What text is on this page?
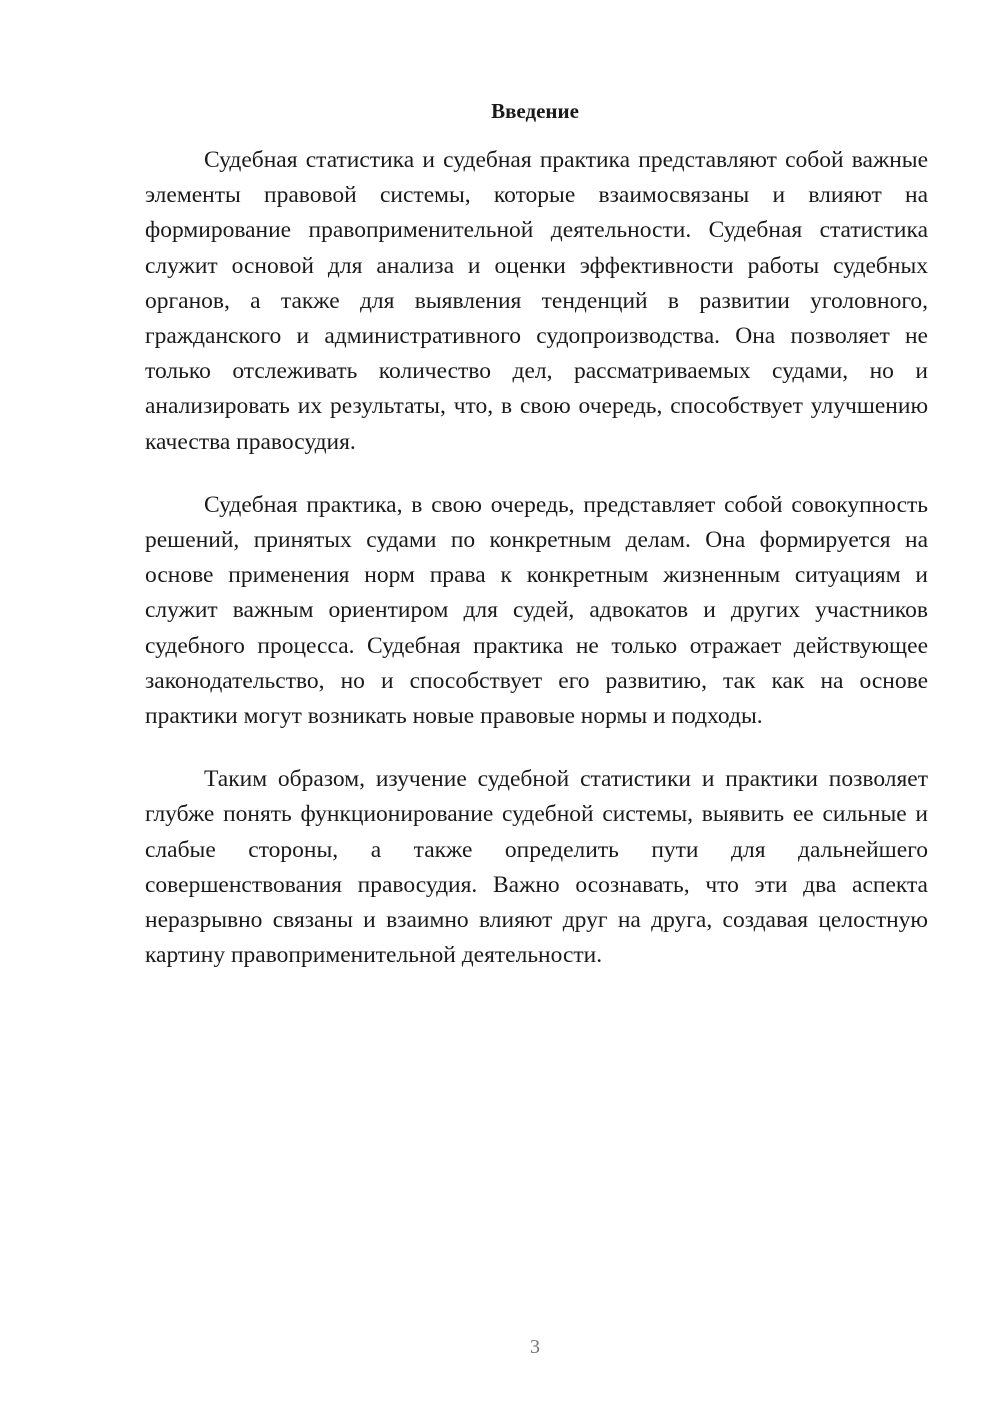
Введение

Судебная статистика и судебная практика представляют собой важные элементы правовой системы, которые взаимосвязаны и влияют на формирование правоприменительной деятельности. Судебная статистика служит основой для анализа и оценки эффективности работы судебных органов, а также для выявления тенденций в развитии уголовного, гражданского и административного судопроизводства. Она позволяет не только отслеживать количество дел, рассматриваемых судами, но и анализировать их результаты, что, в свою очередь, способствует улучшению качества правосудия.

Судебная практика, в свою очередь, представляет собой совокупность решений, принятых судами по конкретным делам. Она формируется на основе применения норм права к конкретным жизненным ситуациям и служит важным ориентиром для судей, адвокатов и других участников судебного процесса. Судебная практика не только отражает действующее законодательство, но и способствует его развитию, так как на основе практики могут возникать новые правовые нормы и подходы.

Таким образом, изучение судебной статистики и практики позволяет глубже понять функционирование судебной системы, выявить ее сильные и слабые стороны, а также определить пути для дальнейшего совершенствования правосудия. Важно осознавать, что эти два аспекта неразрывно связаны и взаимно влияют друг на друга, создавая целостную картину правоприменительной деятельности.

3
